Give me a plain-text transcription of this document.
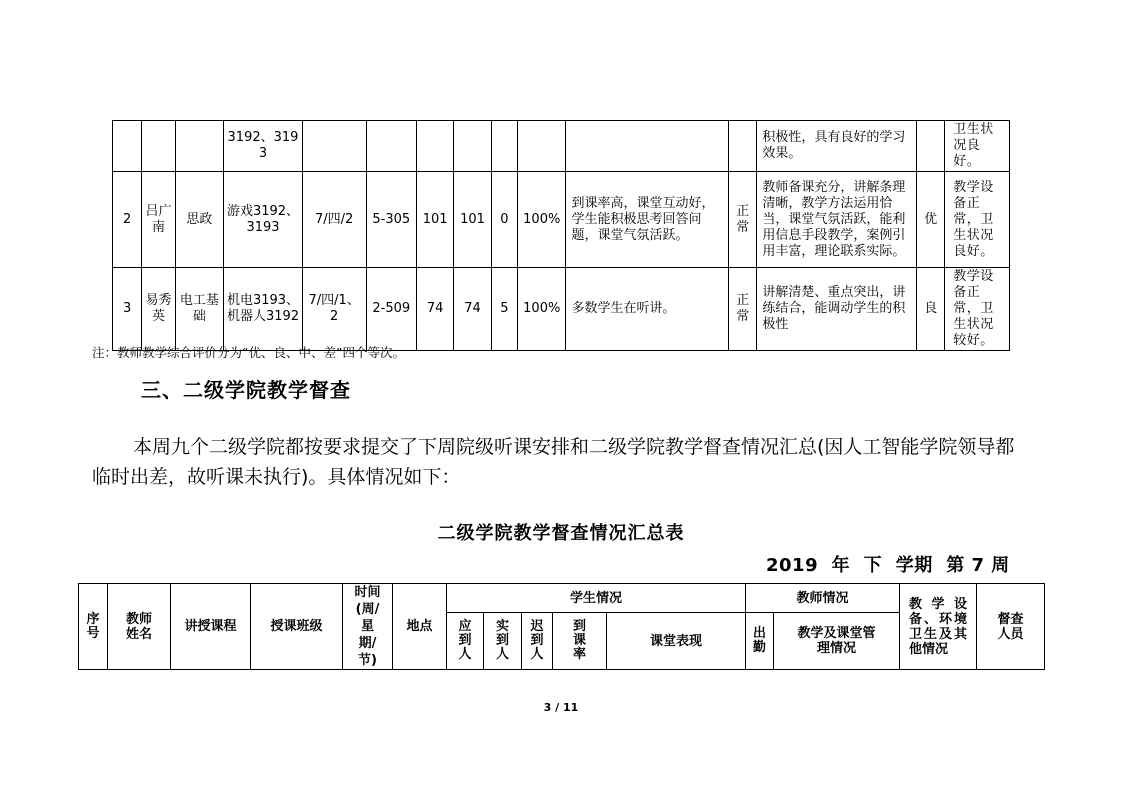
			3192、3193									积极性，具有良好的学习效果。		卫生状况良好。
2	吕广南	思政	游戏3192、3193	7/四/2	5-305	101	101	0	100%	到课率高，课堂互动好，学生能积极思考回答问题，课堂气氛活跃。	正常	教师备课充分，讲解条理清晰，教学方法运用恰当，课堂气氛活跃，能利用信息手段教学，案例引用丰富，理论联系实际。	优	教学设备正常，卫生状况良好。
3	易秀英	电工基础	机电3193、机器人3192	7/四/1、2	2-509	74	74	5	100%	多数学生在听讲。	正常	讲解清楚、重点突出，讲练结合，能调动学生的积极性	良	教学设备正常，卫生状况较好。
注：教师教学综合评价分为“优、良、中、差”四个等次。
三、二级学院教学督查
本周九个二级学院都按要求提交了下周院级听课安排和二级学院教学督查情况汇总(因人工智能学院领导都临时出差，故听课未执行)。具体情况如下：
二级学院教学督查情况汇总表
2019  年  下  学期  第 7 周
序号	教师姓名	讲授课程	授课班级	时间(周/星期/节)	地点	学生情况					教师情况		教学设备、环境卫生及其他情况	督查人员

						应到人	实到人	迟到人	到课率	课堂表现	出勤	教学及课堂管理情况		
3 / 11
